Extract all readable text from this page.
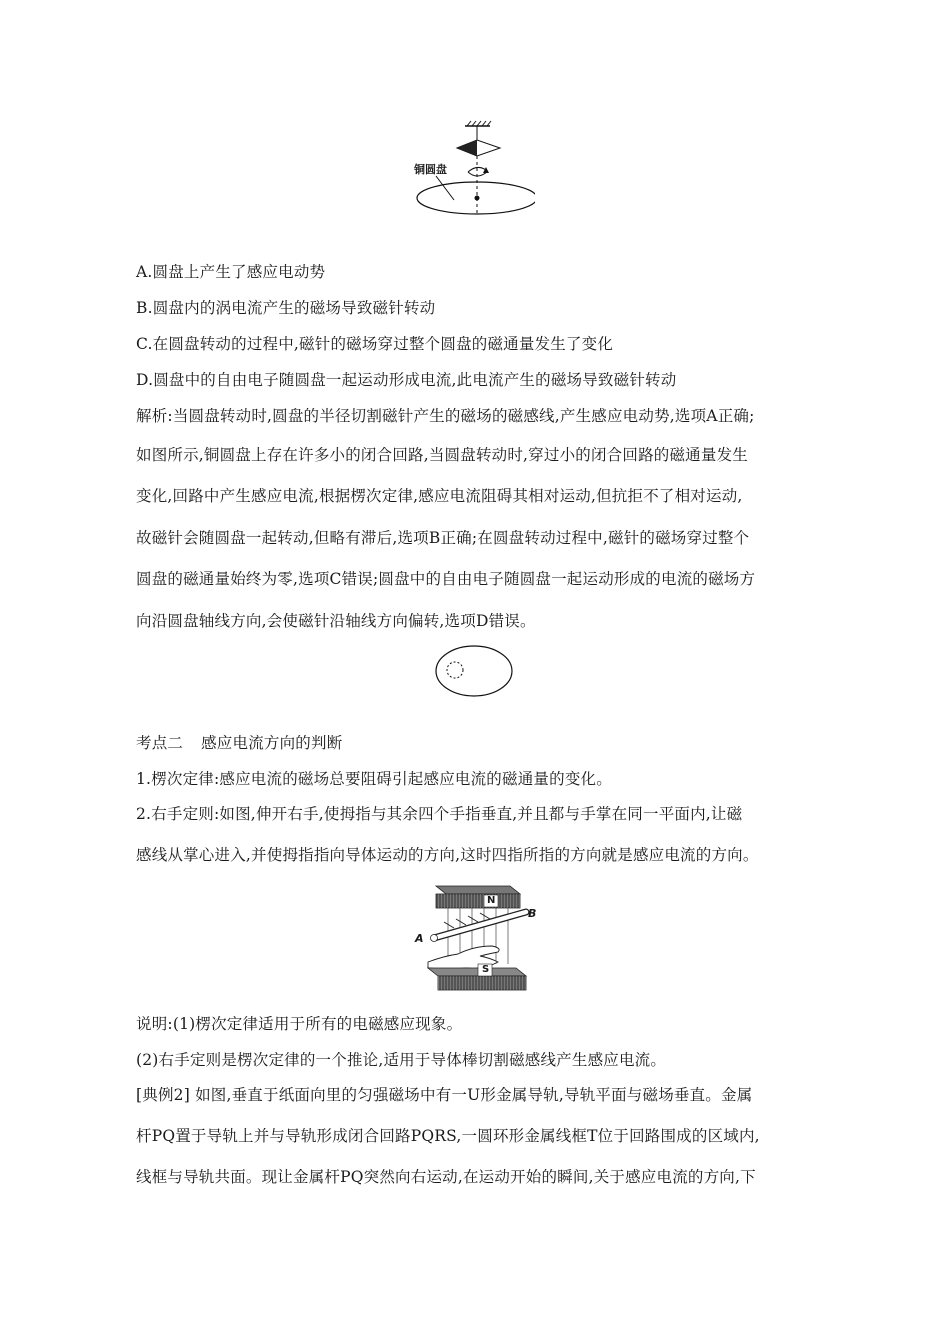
铜圆盘
A.圆盘上产生了感应电动势
B.圆盘内的涡电流产生的磁场导致磁针转动
C.在圆盘转动的过程中,磁针的磁场穿过整个圆盘的磁通量发生了变化
D.圆盘中的自由电子随圆盘一起运动形成电流,此电流产生的磁场导致磁针转动
解析:当圆盘转动时,圆盘的半径切割磁针产生的磁场的磁感线,产生感应电动势,选项A正确;
如图所示,铜圆盘上存在许多小的闭合回路,当圆盘转动时,穿过小的闭合回路的磁通量发生
变化,回路中产生感应电流,根据楞次定律,感应电流阻碍其相对运动,但抗拒不了相对运动,
故磁针会随圆盘一起转动,但略有滞后,选项B正确;在圆盘转动过程中,磁针的磁场穿过整个
圆盘的磁通量始终为零,选项C错误;圆盘中的自由电子随圆盘一起运动形成的电流的磁场方
向沿圆盘轴线方向,会使磁针沿轴线方向偏转,选项D错误。
考点二 感应电流方向的判断
1.楞次定律:感应电流的磁场总要阻碍引起感应电流的磁通量的变化。
2.右手定则:如图,伸开右手,使拇指与其余四个手指垂直,并且都与手掌在同一平面内,让磁
感线从掌心进入,并使拇指指向导体运动的方向,这时四指所指的方向就是感应电流的方向。
N
S
A
B
说明:(1)楞次定律适用于所有的电磁感应现象。
(2)右手定则是楞次定律的一个推论,适用于导体棒切割磁感线产生感应电流。
[典例2] 如图,垂直于纸面向里的匀强磁场中有一U形金属导轨,导轨平面与磁场垂直。金属
杆PQ置于导轨上并与导轨形成闭合回路PQRS,一圆环形金属线框T位于回路围成的区域内,
线框与导轨共面。现让金属杆PQ突然向右运动,在运动开始的瞬间,关于感应电流的方向,下
